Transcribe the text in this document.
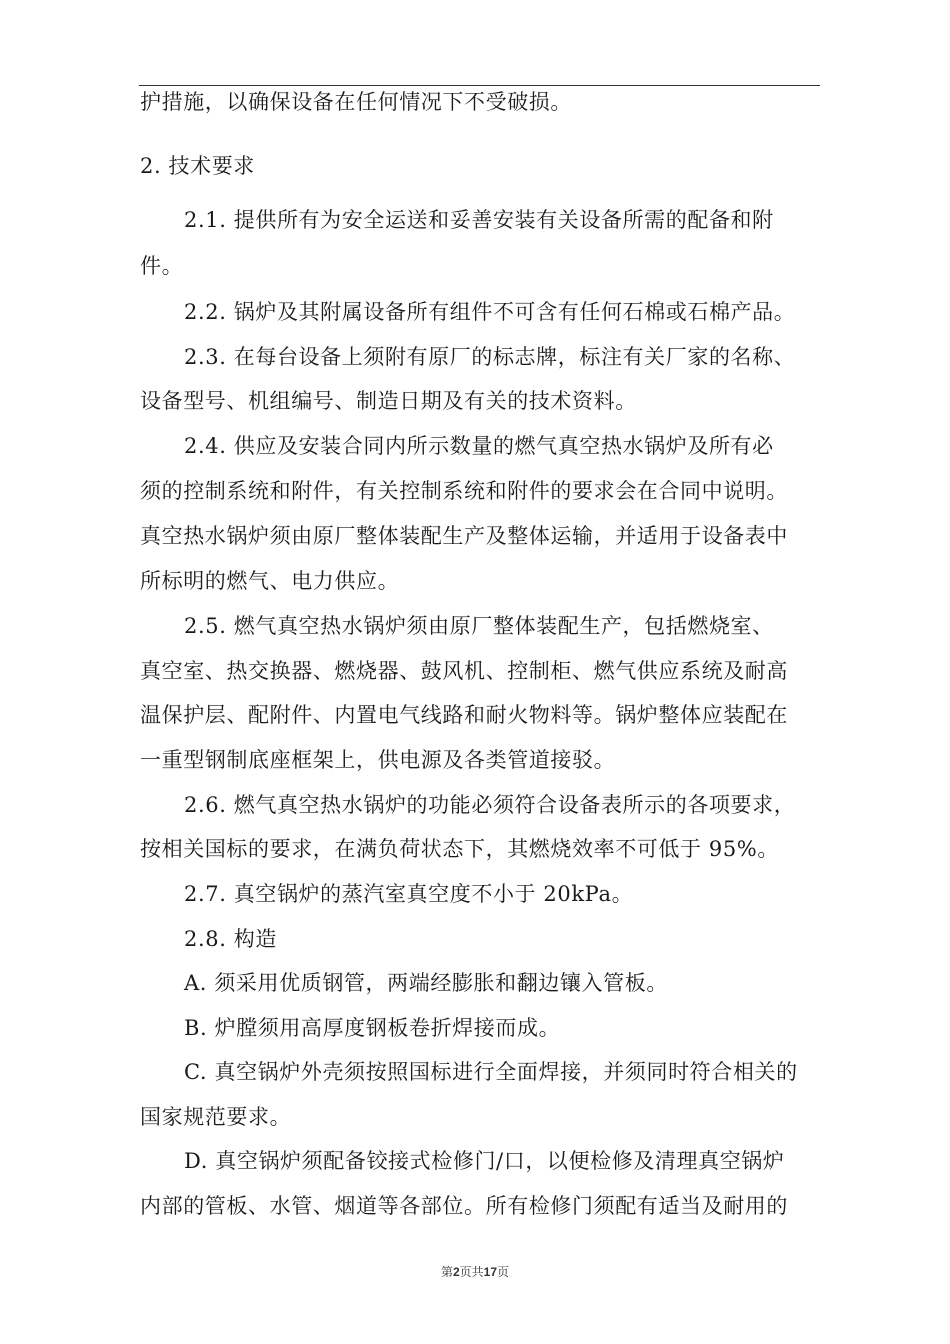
护措施，以确保设备在任何情况下不受破损。
2. 技术要求
2.1. 提供所有为安全运送和妥善安装有关设备所需的配备和附
件。
2.2. 锅炉及其附属设备所有组件不可含有任何石棉或石棉产品。
2.3. 在每台设备上须附有原厂的标志牌，标注有关厂家的名称、
设备型号、机组编号、制造日期及有关的技术资料。
2.4. 供应及安装合同内所示数量的燃气真空热水锅炉及所有必
须的控制系统和附件，有关控制系统和附件的要求会在合同中说明。
真空热水锅炉须由原厂整体装配生产及整体运输，并适用于设备表中
所标明的燃气、电力供应。
2.5. 燃气真空热水锅炉须由原厂整体装配生产，包括燃烧室、
真空室、热交换器、燃烧器、鼓风机、控制柜、燃气供应系统及耐高
温保护层、配附件、内置电气线路和耐火物料等。锅炉整体应装配在
一重型钢制底座框架上，供电源及各类管道接驳。
2.6. 燃气真空热水锅炉的功能必须符合设备表所示的各项要求，
按相关国标的要求，在满负荷状态下，其燃烧效率不可低于 95%。
2.7. 真空锅炉的蒸汽室真空度不小于 20kPa。
2.8. 构造
A. 须采用优质钢管，两端经膨胀和翻边镶入管板。
B. 炉膛须用高厚度钢板卷折焊接而成。
C. 真空锅炉外壳须按照国标进行全面焊接，并须同时符合相关的
国家规范要求。
D. 真空锅炉须配备铰接式检修门/口，以便检修及清理真空锅炉
内部的管板、水管、烟道等各部位。所有检修门须配有适当及耐用的
第2页共17页
